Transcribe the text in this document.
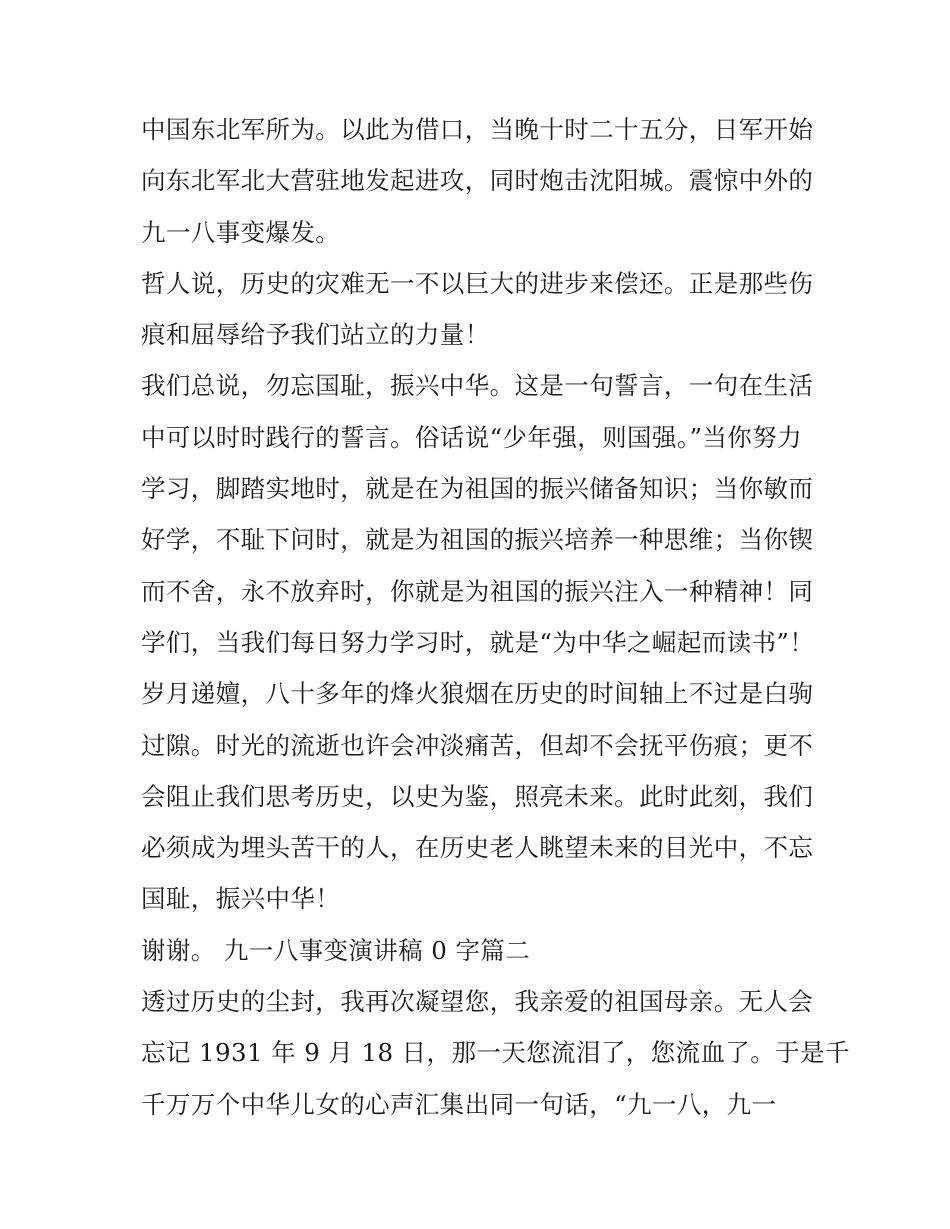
中国东北军所为。以此为借口，当晚十时二十五分，日军开始
向东北军北大营驻地发起进攻，同时炮击沈阳城。震惊中外的
九一八事变爆发。
哲人说，历史的灾难无一不以巨大的进步来偿还。正是那些伤
痕和屈辱给予我们站立的力量！
我们总说，勿忘国耻，振兴中华。这是一句誓言，一句在生活
中可以时时践行的誓言。俗话说“少年强，则国强。”当你努力
学习，脚踏实地时，就是在为祖国的振兴储备知识；当你敏而
好学，不耻下问时，就是为祖国的振兴培养一种思维；当你锲
而不舍，永不放弃时，你就是为祖国的振兴注入一种精神！同
学们，当我们每日努力学习时，就是“为中华之崛起而读书”！
岁月递嬗，八十多年的烽火狼烟在历史的时间轴上不过是白驹
过隙。时光的流逝也许会冲淡痛苦，但却不会抚平伤痕；更不
会阻止我们思考历史，以史为鉴，照亮未来。此时此刻，我们
必须成为埋头苦干的人，在历史老人眺望未来的目光中，不忘
国耻，振兴中华！
谢谢。 九一八事变演讲稿 0 字篇二
透过历史的尘封，我再次凝望您，我亲爱的祖国母亲。无人会
忘记 1931 年 9 月 18 日，那一天您流泪了，您流血了。于是千
千万万个中华儿女的心声汇集出同一句话，“九一八，九一
